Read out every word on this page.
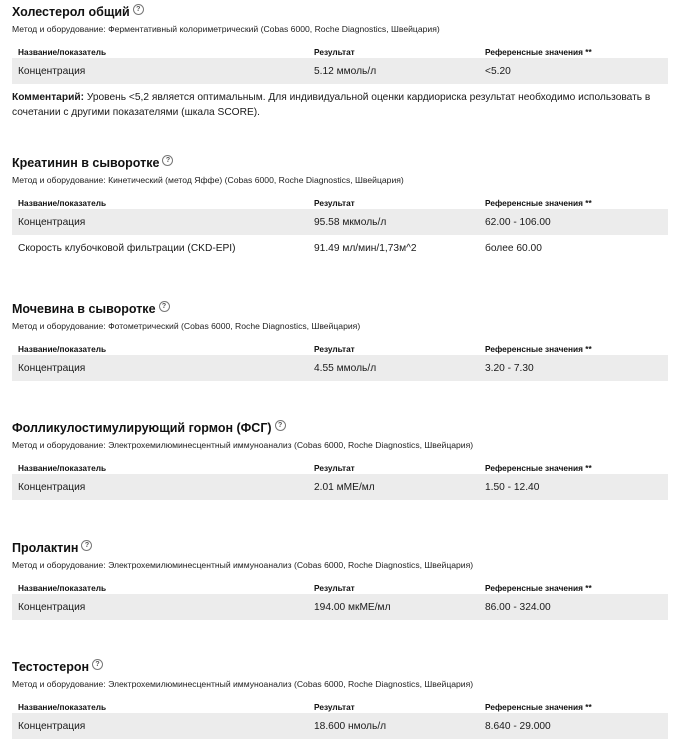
Холестерол общий ?
Метод и оборудование: Ферментативный колориметрический (Cobas 6000, Roche Diagnostics, Швейцария)
Название/показатель	Результат	Референсные значения **
Концентрация	5.12 ммоль/л	<5.20
Комментарий: Уровень <5,2 является оптимальным. Для индивидуальной оценки кардиориска результат необходимо использовать в сочетании с другими показателями (шкала SCORE).
Креатинин в сыворотке ?
Метод и оборудование: Кинетический (метод Яффе) (Cobas 6000, Roche Diagnostics, Швейцария)
Название/показатель	Результат	Референсные значения **
Концентрация	95.58 мкмоль/л	62.00 - 106.00
Скорость клубочковой фильтрации (CKD-EPI)	91.49 мл/мин/1,73м^2	более 60.00
Мочевина в сыворотке ?
Метод и оборудование: Фотометрический (Cobas 6000, Roche Diagnostics, Швейцария)
Название/показатель	Результат	Референсные значения **
Концентрация	4.55 ммоль/л	3.20 - 7.30
Фолликулостимулирующий гормон (ФСГ) ?
Метод и оборудование: Электрохемилюминесцентный иммуноанализ (Cobas 6000, Roche Diagnostics, Швейцария)
Название/показатель	Результат	Референсные значения **
Концентрация	2.01 мМЕ/мл	1.50 - 12.40
Пролактин ?
Метод и оборудование: Электрохемилюминесцентный иммуноанализ (Cobas 6000, Roche Diagnostics, Швейцария)
Название/показатель	Результат	Референсные значения **
Концентрация	194.00 мкМЕ/мл	86.00 - 324.00
Тестостерон ?
Метод и оборудование: Электрохемилюминесцентный иммуноанализ (Cobas 6000, Roche Diagnostics, Швейцария)
Название/показатель	Результат	Референсные значения **
Концентрация	18.600 нмоль/л	8.640 - 29.000
